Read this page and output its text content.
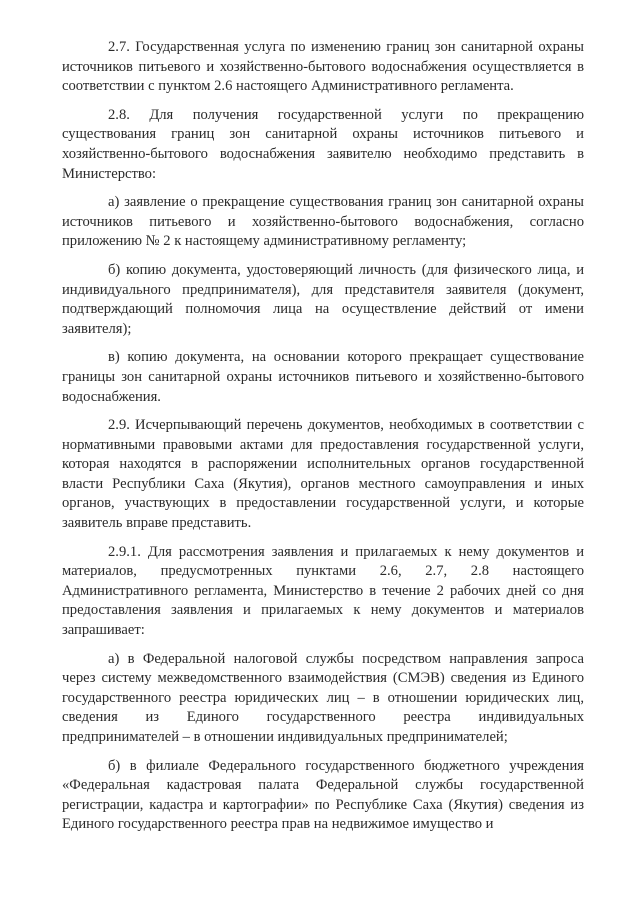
2.7. Государственная услуга по изменению границ зон санитарной охраны источников питьевого и хозяйственно-бытового водоснабжения осуществляется в соответствии с пунктом 2.6 настоящего Административного регламента.

2.8. Для получения государственной услуги по прекращению существования границ зон санитарной охраны источников питьевого и хозяйственно-бытового водоснабжения заявителю необходимо представить в Министерство:

а) заявление о прекращение существования границ зон санитарной охраны источников питьевого и хозяйственно-бытового водоснабжения, согласно приложению № 2 к настоящему административному регламенту;

б) копию документа, удостоверяющий личность (для физического лица, и индивидуального предпринимателя), для представителя заявителя (документ, подтверждающий полномочия лица на осуществление действий от имени заявителя);

в) копию документа, на основании которого прекращает существование границы зон санитарной охраны источников питьевого и хозяйственно-бытового водоснабжения.

2.9. Исчерпывающий перечень документов, необходимых в соответствии с нормативными правовыми актами для предоставления государственной услуги, которая находятся в распоряжении исполнительных органов государственной власти Республики Саха (Якутия), органов местного самоуправления и иных органов, участвующих в предоставлении государственной услуги, и которые заявитель вправе представить.

2.9.1. Для рассмотрения заявления и прилагаемых к нему документов и материалов, предусмотренных пунктами 2.6, 2.7, 2.8 настоящего Административного регламента, Министерство в течение 2 рабочих дней со дня предоставления заявления и прилагаемых к нему документов и материалов запрашивает:

а) в Федеральной налоговой службы посредством направления запроса через систему межведомственного взаимодействия (СМЭВ) сведения из Единого государственного реестра юридических лиц – в отношении юридических лиц, сведения из Единого государственного реестра индивидуальных предпринимателей – в отношении индивидуальных предпринимателей;

б) в филиале Федерального государственного бюджетного учреждения «Федеральная кадастровая палата Федеральной службы государственной регистрации, кадастра и картографии» по Республике Саха (Якутия) сведения из Единого государственного реестра прав на недвижимое имущество и
